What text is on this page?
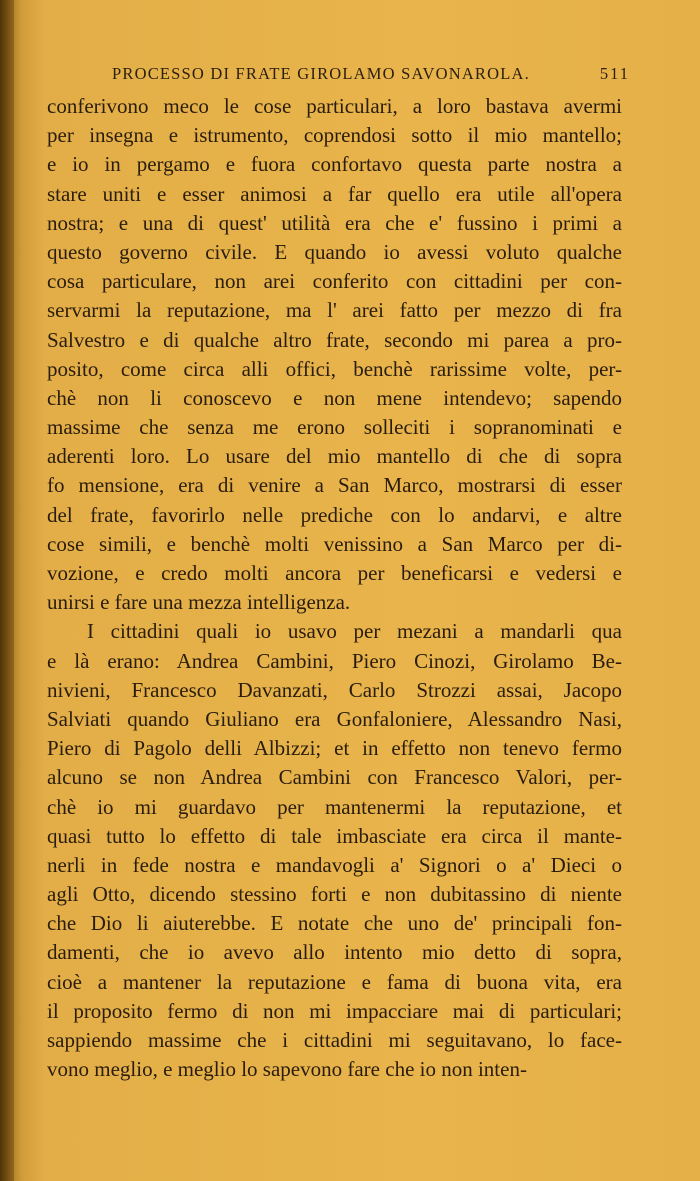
PROCESSO DI FRATE GIROLAMO SAVONAROLA.	511
conferivono meco le cose particulari, a loro bastava avermi
per insegna e istrumento, coprendosi sotto il mio mantello;
e io in pergamo e fuora confortavo questa parte nostra a
stare uniti e esser animosi a far quello era utile all'opera
nostra; e una di quest' utilità era che e' fussino i primi a
questo governo civile. E quando io avessi voluto qualche
cosa particulare, non arei conferito con cittadini per con-
servarmi la reputazione, ma l' arei fatto per mezzo di fra
Salvestro e di qualche altro frate, secondo mi parea a pro-
posito, come circa alli offici, benchè rarissime volte, per-
chè non li conoscevo e non mene intendevo; sapendo
massime che senza me erono solleciti i sopranominati e
aderenti loro. Lo usare del mio mantello di che di sopra
fo mensione, era di venire a San Marco, mostrarsi di esser
del frate, favorirlo nelle prediche con lo andarvi, e altre
cose simili, e benchè molti venissino a San Marco per di-
vozione, e credo molti ancora per beneficarsi e vedersi e
unirsi e fare una mezza intelligenza.
I cittadini quali io usavo per mezani a mandarli qua
e là erano: Andrea Cambini, Piero Cinozi, Girolamo Be-
nivieni, Francesco Davanzati, Carlo Strozzi assai, Jacopo
Salviati quando Giuliano era Gonfaloniere, Alessandro Nasi,
Piero di Pagolo delli Albizzi; et in effetto non tenevo fermo
alcuno se non Andrea Cambini con Francesco Valori, per-
chè io mi guardavo per mantenermi la reputazione, et
quasi tutto lo effetto di tale imbasciate era circa il mante-
nerli in fede nostra e mandavogli a' Signori o a' Dieci o
agli Otto, dicendo stessino forti e non dubitassino di niente
che Dio li aiuterebbe. E notate che uno de' principali fon-
damenti, che io avevo allo intento mio detto di sopra,
cioè a mantener la reputazione e fama di buona vita, era
il proposito fermo di non mi impacciare mai di particulari;
sappiendo massime che i cittadini mi seguitavano, lo face-
vono meglio, e meglio lo sapevono fare che io non inten-
